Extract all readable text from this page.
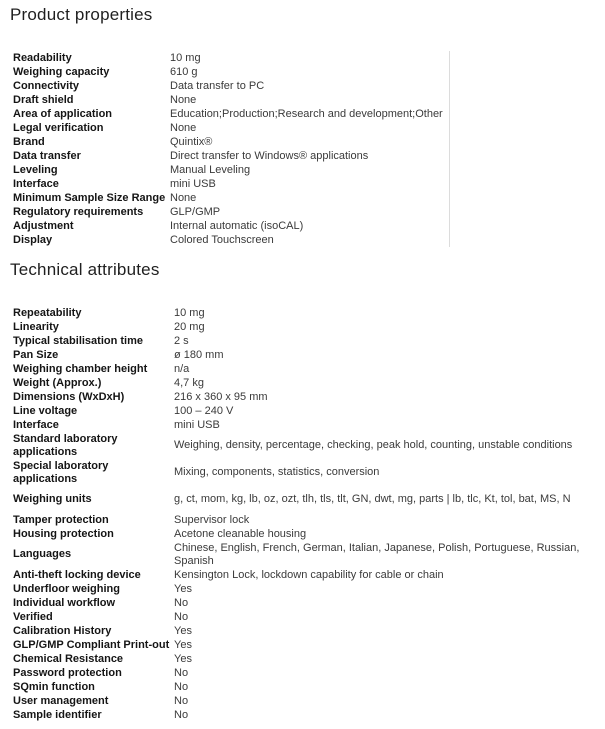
Product properties
Readability	10 mg
Weighing capacity	610 g
Connectivity	Data transfer to PC
Draft shield	None
Area of application	Education;Production;Research and development;Other
Legal verification	None
Brand	Quintix®
Data transfer	Direct transfer to Windows® applications
Leveling	Manual Leveling
Interface	mini USB
Minimum Sample Size Range	None
Regulatory requirements	GLP/GMP
Adjustment	Internal automatic (isoCAL)
Display	Colored Touchscreen
Technical attributes
Repeatability	10 mg
Linearity	20 mg
Typical stabilisation time	2 s
Pan Size	ø 180 mm
Weighing chamber height	n/a
Weight (Approx.)	4,7 kg
Dimensions (WxDxH)	216 x 360 x 95 mm
Line voltage	100 – 240 V
Interface	mini USB
Standard laboratory applications	Weighing, density, percentage, checking, peak hold, counting, unstable conditions
Special laboratory applications	Mixing, components, statistics, conversion
Weighing units	g, ct, mom, kg, lb, oz, ozt, tlh, tls, tlt, GN, dwt, mg, parts | lb, tlc, Kt, tol, bat, MS, N
Tamper protection	Supervisor lock
Housing protection	Acetone cleanable housing
Languages	Chinese, English, French, German, Italian, Japanese, Polish, Portuguese, Russian, Spanish
Anti-theft locking device	Kensington Lock, lockdown capability for cable or chain
Underfloor weighing	Yes
Individual workflow	No
Verified	No
Calibration History	Yes
GLP/GMP Compliant Print-out	Yes
Chemical Resistance	Yes
Password protection	No
SQmin function	No
User management	No
Sample identifier	No
